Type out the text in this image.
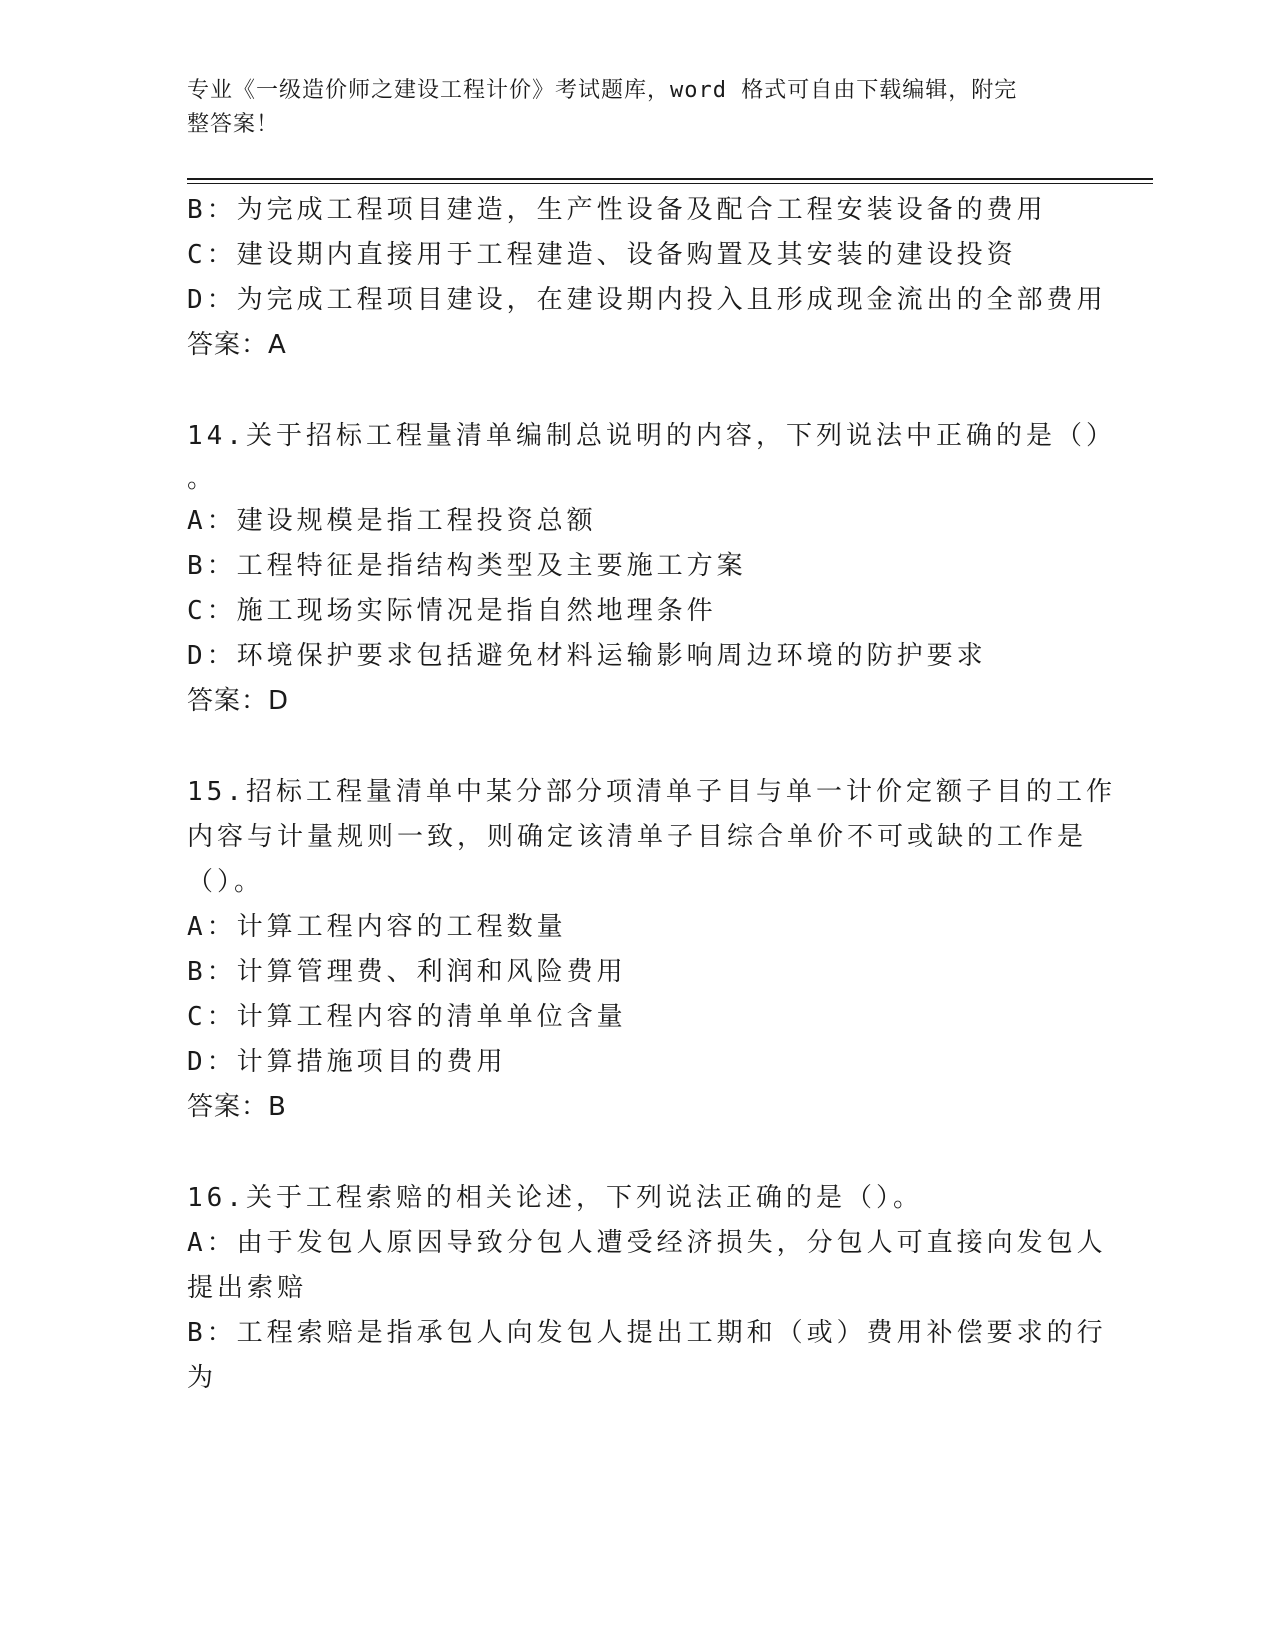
专业《一级造价师之建设工程计价》考试题库，word 格式可自由下载编辑，附完
整答案！
B：为完成工程项目建造，生产性设备及配合工程安装设备的费用
C：建设期内直接用于工程建造、设备购置及其安装的建设投资
D：为完成工程项目建设，在建设期内投入且形成现金流出的全部费用
答案：A
14.关于招标工程量清单编制总说明的内容，下列说法中正确的是（）
。
A：建设规模是指工程投资总额
B：工程特征是指结构类型及主要施工方案
C：施工现场实际情况是指自然地理条件
D：环境保护要求包括避免材料运输影响周边环境的防护要求
答案：D
15.招标工程量清单中某分部分项清单子目与单一计价定额子目的工作
内容与计量规则一致，则确定该清单子目综合单价不可或缺的工作是
（）。
A：计算工程内容的工程数量
B：计算管理费、利润和风险费用
C：计算工程内容的清单单位含量
D：计算措施项目的费用
答案：B
16.关于工程索赔的相关论述，下列说法正确的是（）。
A：由于发包人原因导致分包人遭受经济损失，分包人可直接向发包人
提出索赔
B：工程索赔是指承包人向发包人提出工期和（或）费用补偿要求的行
为
